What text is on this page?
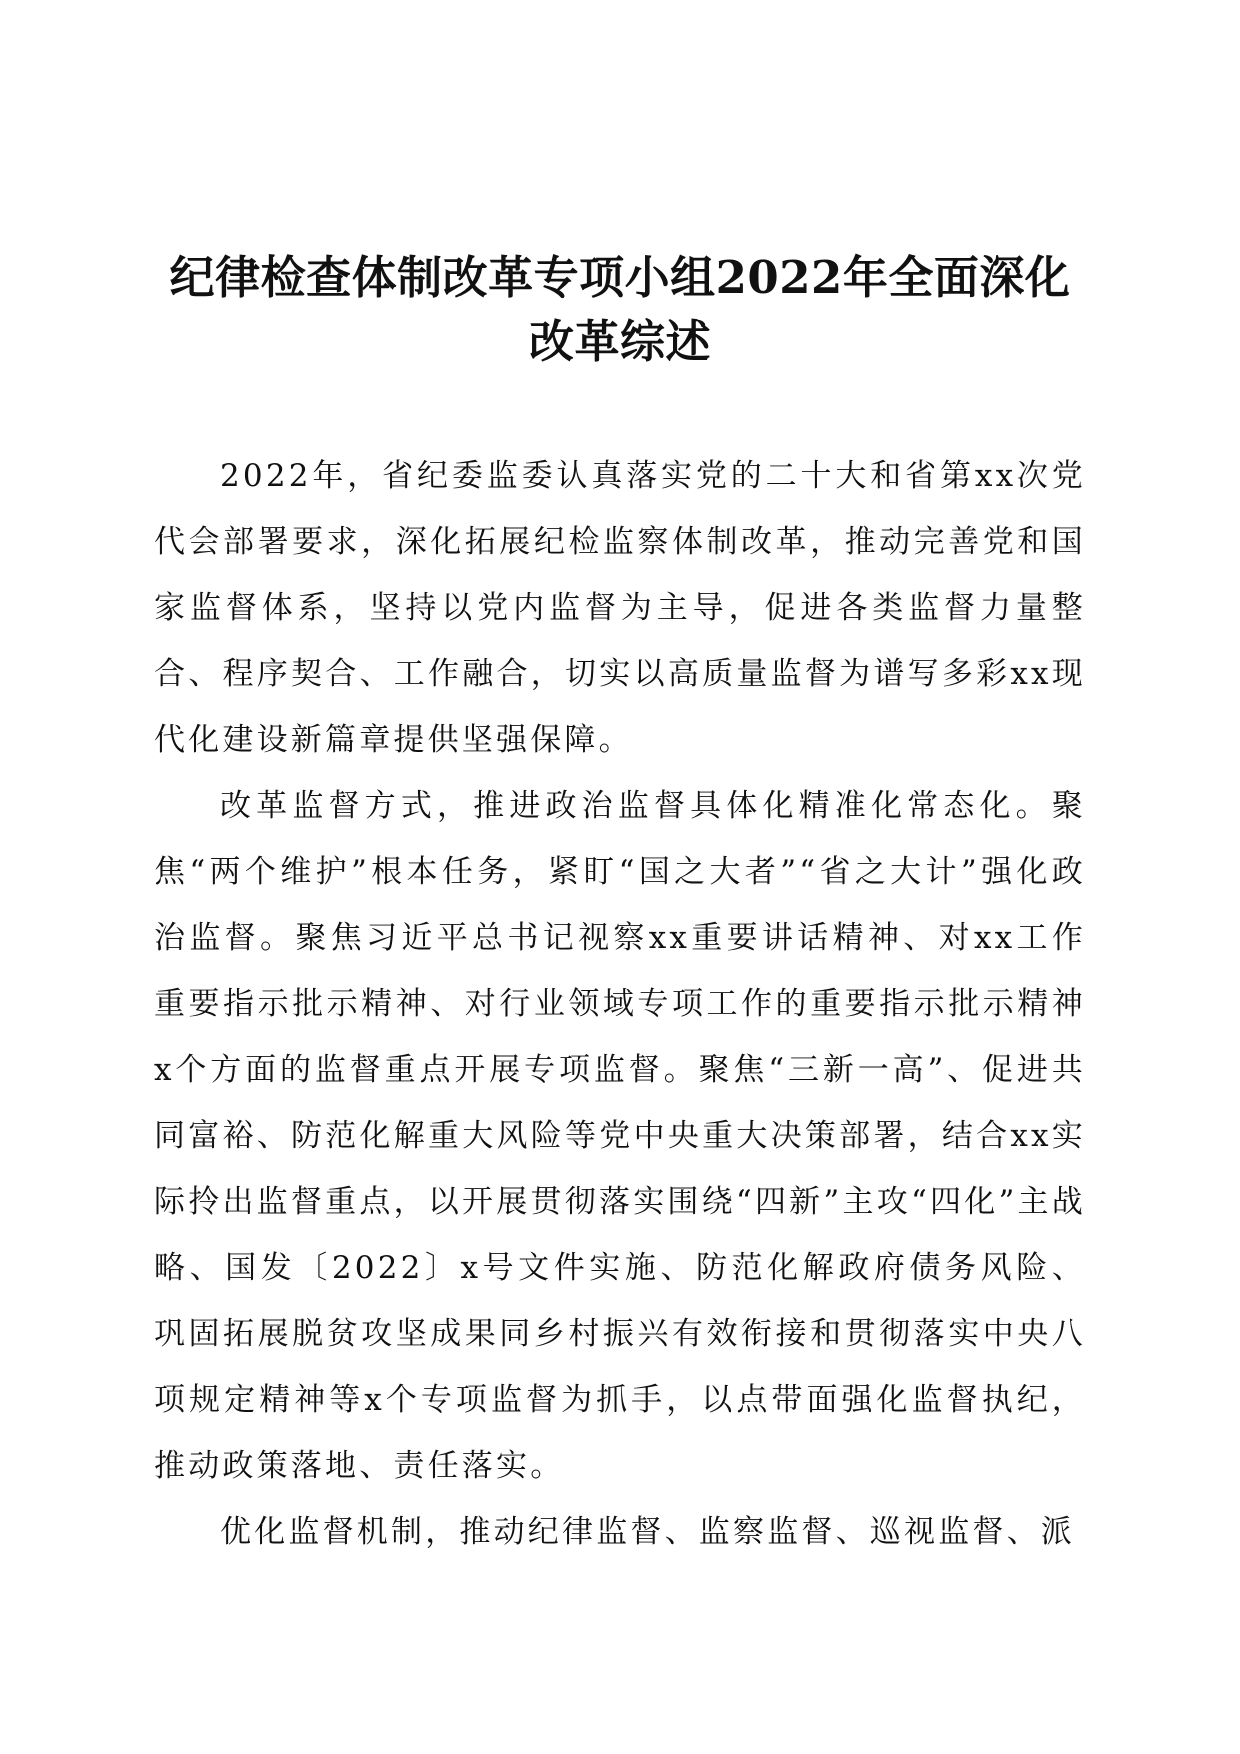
纪律检查体制改革专项小组2022年全面深化
改革综述

2022年，省纪委监委认真落实党的二十大和省第xx次党代会部署要求，深化拓展纪检监察体制改革，推动完善党和国家监督体系，坚持以党内监督为主导，促进各类监督力量整合、程序契合、工作融合，切实以高质量监督为谱写多彩xx现代化建设新篇章提供坚强保障。

改革监督方式，推进政治监督具体化精准化常态化。聚焦“两个维护”根本任务，紧盯“国之大者”“省之大计”强化政治监督。聚焦习近平总书记视察xx重要讲话精神、对xx工作重要指示批示精神、对行业领域专项工作的重要指示批示精神x个方面的监督重点开展专项监督。聚焦“三新一高”、促进共同富裕、防范化解重大风险等党中央重大决策部署，结合xx实际拎出监督重点，以开展贯彻落实围绕“四新”主攻“四化”主战略、国发〔2022〕x号文件实施、防范化解政府债务风险、巩固拓展脱贫攻坚成果同乡村振兴有效衔接和贯彻落实中央八项规定精神等x个专项监督为抓手，以点带面强化监督执纪，推动政策落地、责任落实。

优化监督机制，推动纪律监督、监察监督、巡视监督、派
